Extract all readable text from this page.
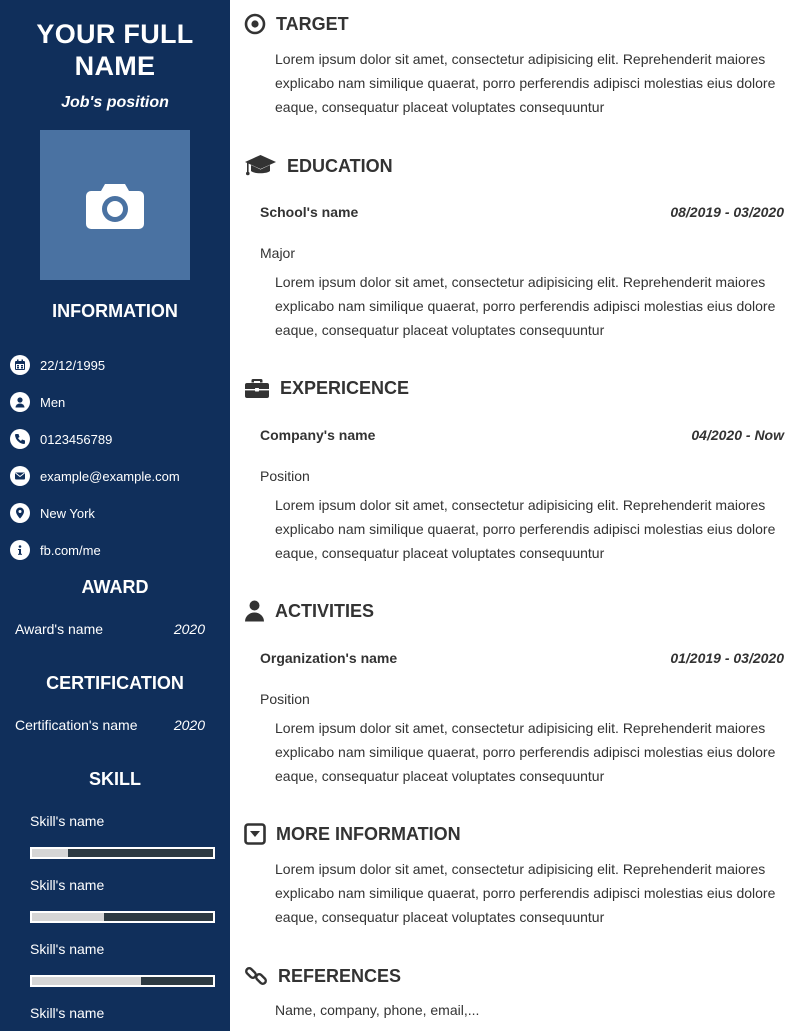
YOUR FULL NAME
Job's position
INFORMATION
22/12/1995
Men
0123456789
example@example.com
New York
fb.com/me
AWARD
Award's name	2020
CERTIFICATION
Certification's name	2020
SKILL
Skill's name
Skill's name
Skill's name
Skill's name
TARGET
Lorem ipsum dolor sit amet, consectetur adipisicing elit. Reprehenderit maiores explicabo nam similique quaerat, porro perferendis adipisci molestias eius dolore eaque, consequatur placeat voluptates consequuntur
EDUCATION
School's name	08/2019 - 03/2020
Major
Lorem ipsum dolor sit amet, consectetur adipisicing elit. Reprehenderit maiores explicabo nam similique quaerat, porro perferendis adipisci molestias eius dolore eaque, consequatur placeat voluptates consequuntur
EXPERICENCE
Company's name	04/2020 - Now
Position
Lorem ipsum dolor sit amet, consectetur adipisicing elit. Reprehenderit maiores explicabo nam similique quaerat, porro perferendis adipisci molestias eius dolore eaque, consequatur placeat voluptates consequuntur
ACTIVITIES
Organization's name	01/2019 - 03/2020
Position
Lorem ipsum dolor sit amet, consectetur adipisicing elit. Reprehenderit maiores explicabo nam similique quaerat, porro perferendis adipisci molestias eius dolore eaque, consequatur placeat voluptates consequuntur
MORE INFORMATION
Lorem ipsum dolor sit amet, consectetur adipisicing elit. Reprehenderit maiores explicabo nam similique quaerat, porro perferendis adipisci molestias eius dolore eaque, consequatur placeat voluptates consequuntur
REFERENCES
Name, company, phone, email,...
